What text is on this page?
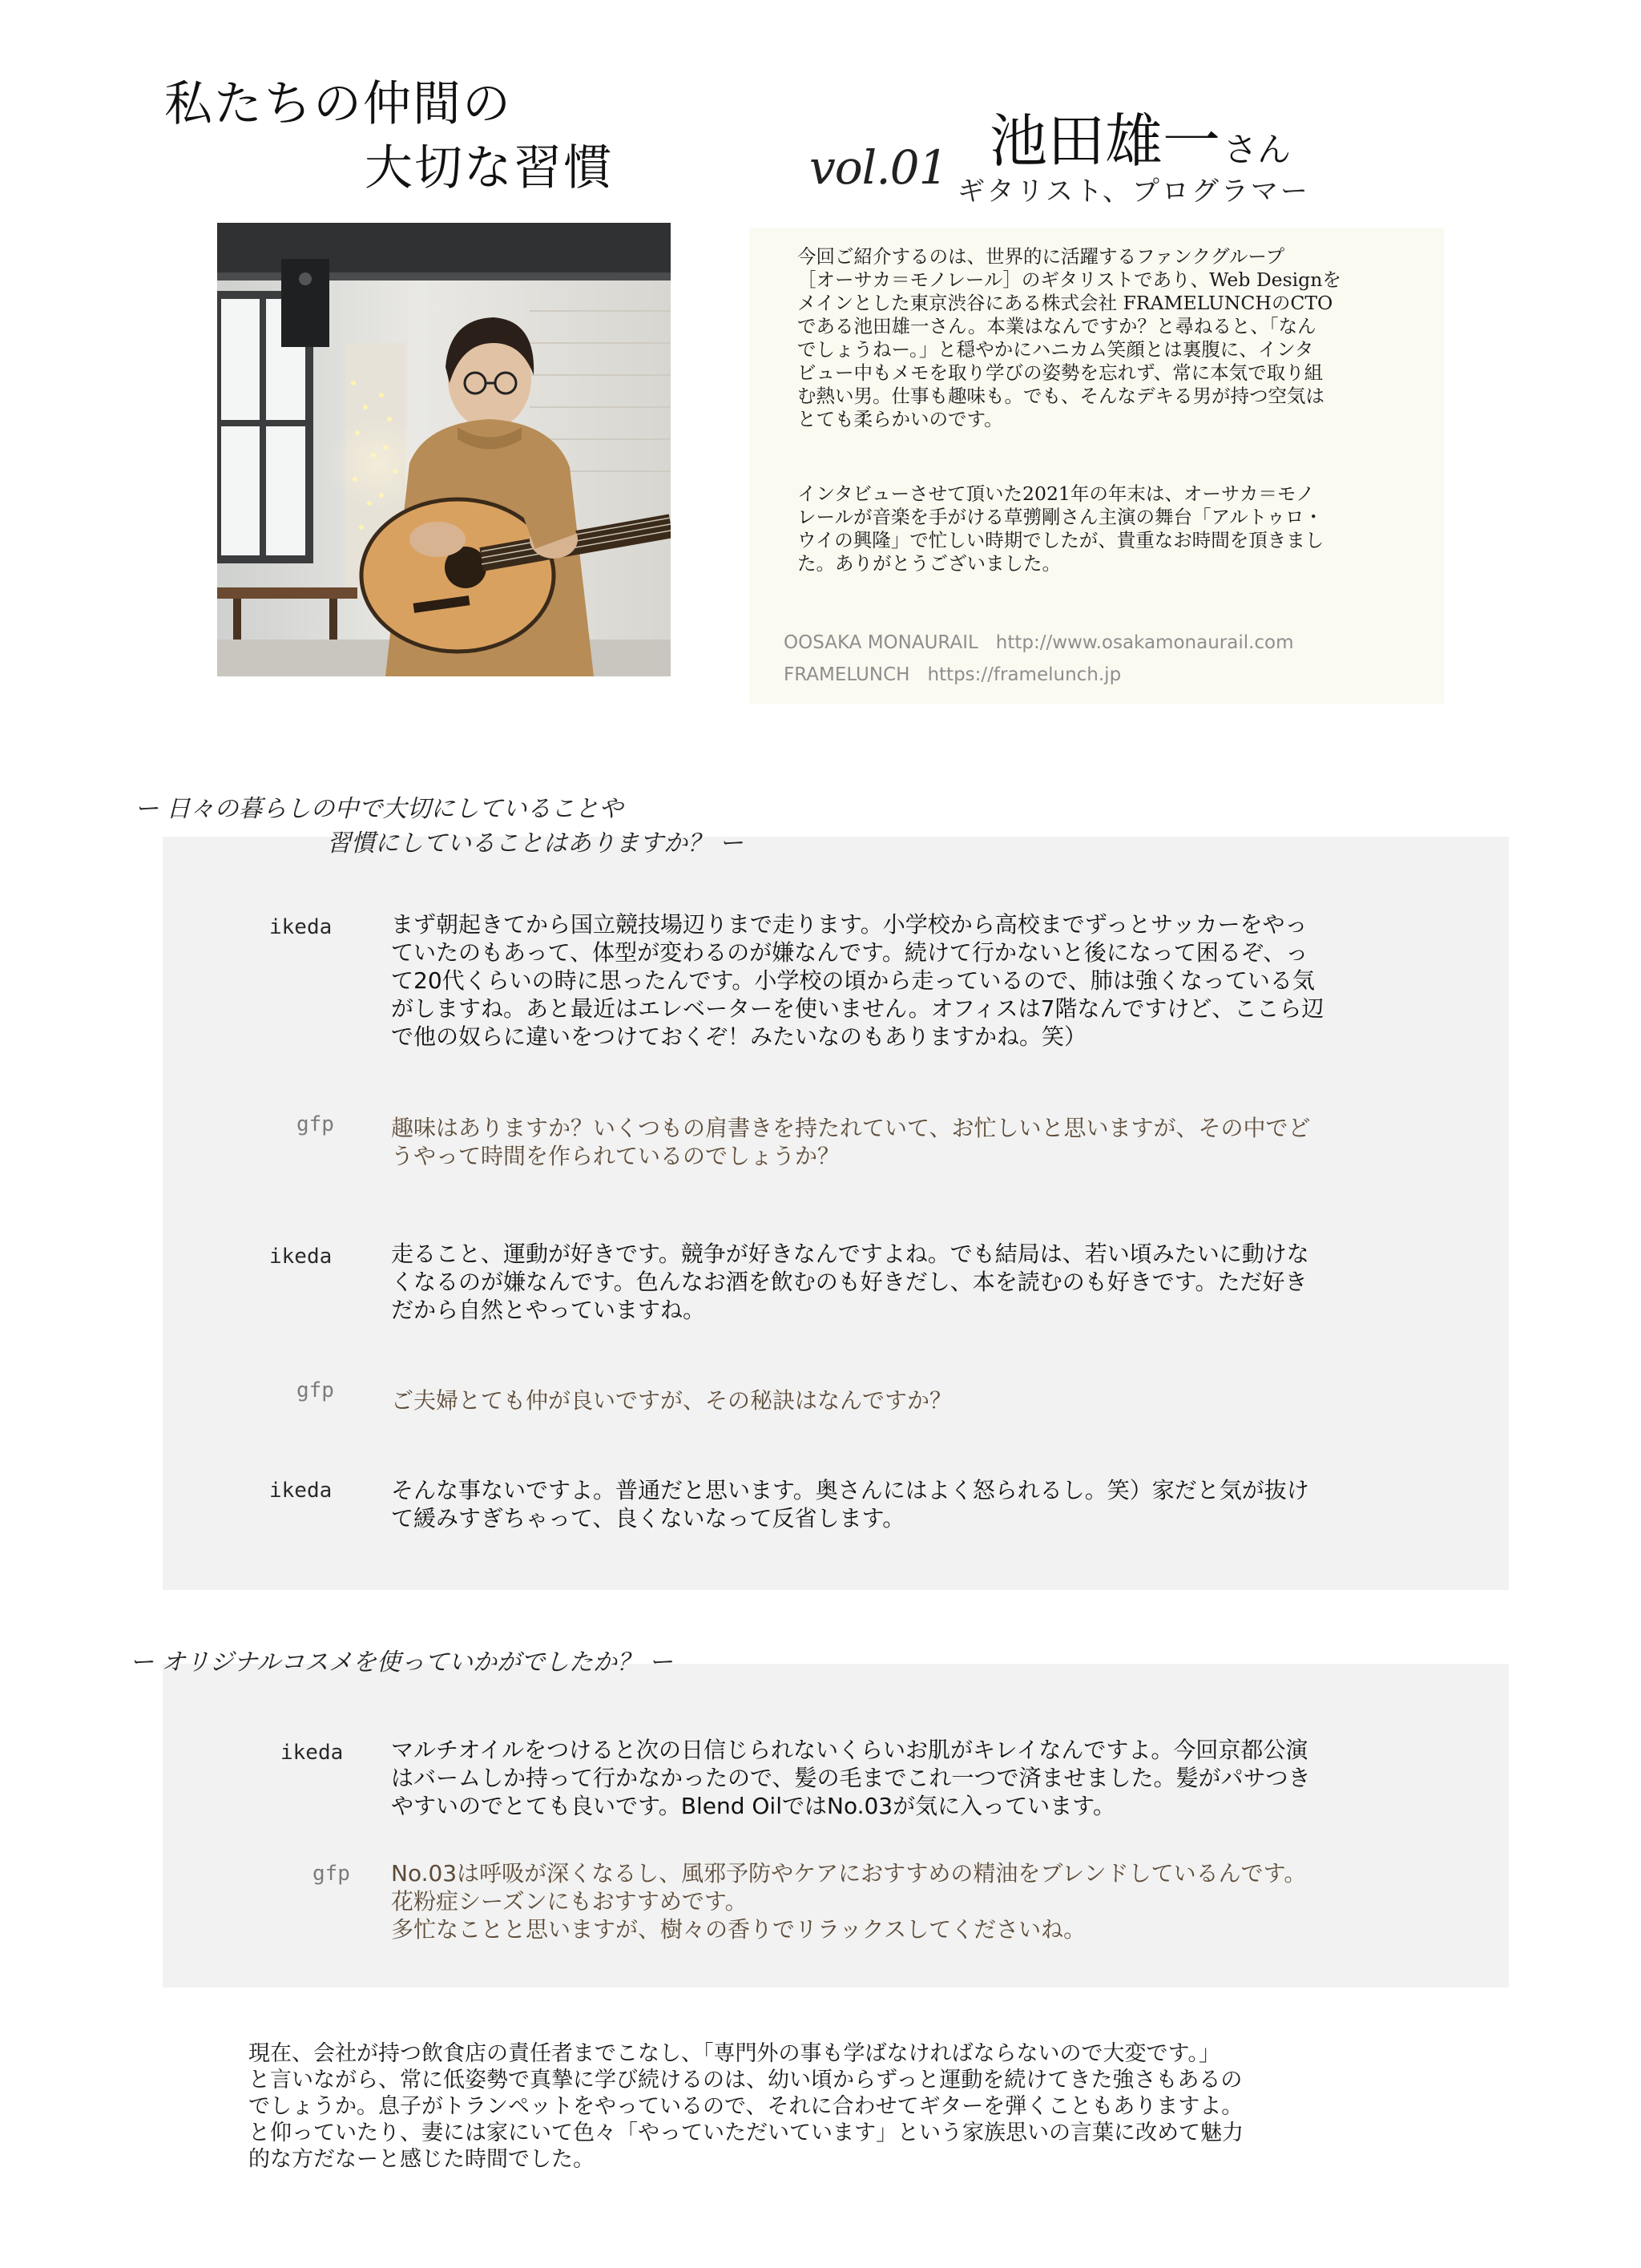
私たちの仲間の
大切な習慣	vol.01 池田雄一さん
ギタリスト、プログラマー
今回ご紹介するのは、世界的に活躍するファンクグループ
［オーサカ＝モノレール］のギタリストであり、Web Designを
メインとした東京渋谷にある株式会社 FRAMELUNCHのCTO
である池田雄一さん。本業はなんですか？と尋ねると、「なん
でしょうねー。」と穏やかにハニカム笑顔とは裏腹に、インタ
ビュー中もメモを取り学びの姿勢を忘れず、常に本気で取り組
む熱い男。仕事も趣味も。でも、そんなデキる男が持つ空気は
とても柔らかいのです。
インタビューさせて頂いた2021年の年末は、オーサカ＝モノ
レールが音楽を手がける草彅剛さん主演の舞台「アルトゥロ・
ウイの興隆」で忙しい時期でしたが、貴重なお時間を頂きまし
た。ありがとうございました。
OOSAKA MONAURAIL http://www.osakamonaurail.com
FRAMELUNCH https://framelunch.jp
ー 日々の暮らしの中で大切にしていることや
習慣にしていることはありますか？ ー
ikeda	まず朝起きてから国立競技場辺りまで走ります。小学校から高校までずっとサッカーをやっ
ていたのもあって、体型が変わるのが嫌なんです。続けて行かないと後になって困るぞ、っ
て20代くらいの時に思ったんです。小学校の頃から走っているので、肺は強くなっている気
がしますね。あと最近はエレベーターを使いません。オフィスは7階なんですけど、ここら辺
で他の奴らに違いをつけておくぞ！みたいなのもありますかね。笑）
gfp	趣味はありますか？いくつもの肩書きを持たれていて、お忙しいと思いますが、その中でど
うやって時間を作られているのでしょうか？
ikeda	走ること、運動が好きです。競争が好きなんですよね。でも結局は、若い頃みたいに動けな
くなるのが嫌なんです。色んなお酒を飲むのも好きだし、本を読むのも好きです。ただ好き
だから自然とやっていますね。
gfp	ご夫婦とても仲が良いですが、その秘訣はなんですか？
ikeda	そんな事ないですよ。普通だと思います。奥さんにはよく怒られるし。笑）家だと気が抜け
て緩みすぎちゃって、良くないなって反省します。
ー オリジナルコスメを使っていかがでしたか？ ー
ikeda マルチオイルをつけると次の日信じられないくらいお肌がキレイなんですよ。今回京都公演
はバームしか持って行かなかったので、髪の毛までこれ一つで済ませました。髪がパサつき
やすいのでとても良いです。Blend OilではNo.03が気に入っています。
gfp No.03は呼吸が深くなるし、風邪予防やケアにおすすめの精油をブレンドしているんです。
花粉症シーズンにもおすすめです。
多忙なことと思いますが、樹々の香りでリラックスしてくださいね。
現在、会社が持つ飲食店の責任者までこなし、「専門外の事も学ばなければならないので大変です。」
と言いながら、常に低姿勢で真摯に学び続けるのは、幼い頃からずっと運動を続けてきた強さもあるの
でしょうか。息子がトランペットをやっているので、それに合わせてギターを弾くこともありますよ。
と仰っていたり、妻には家にいて色々「やっていただいています」という家族思いの言葉に改めて魅力
的な方だなーと感じた時間でした。
